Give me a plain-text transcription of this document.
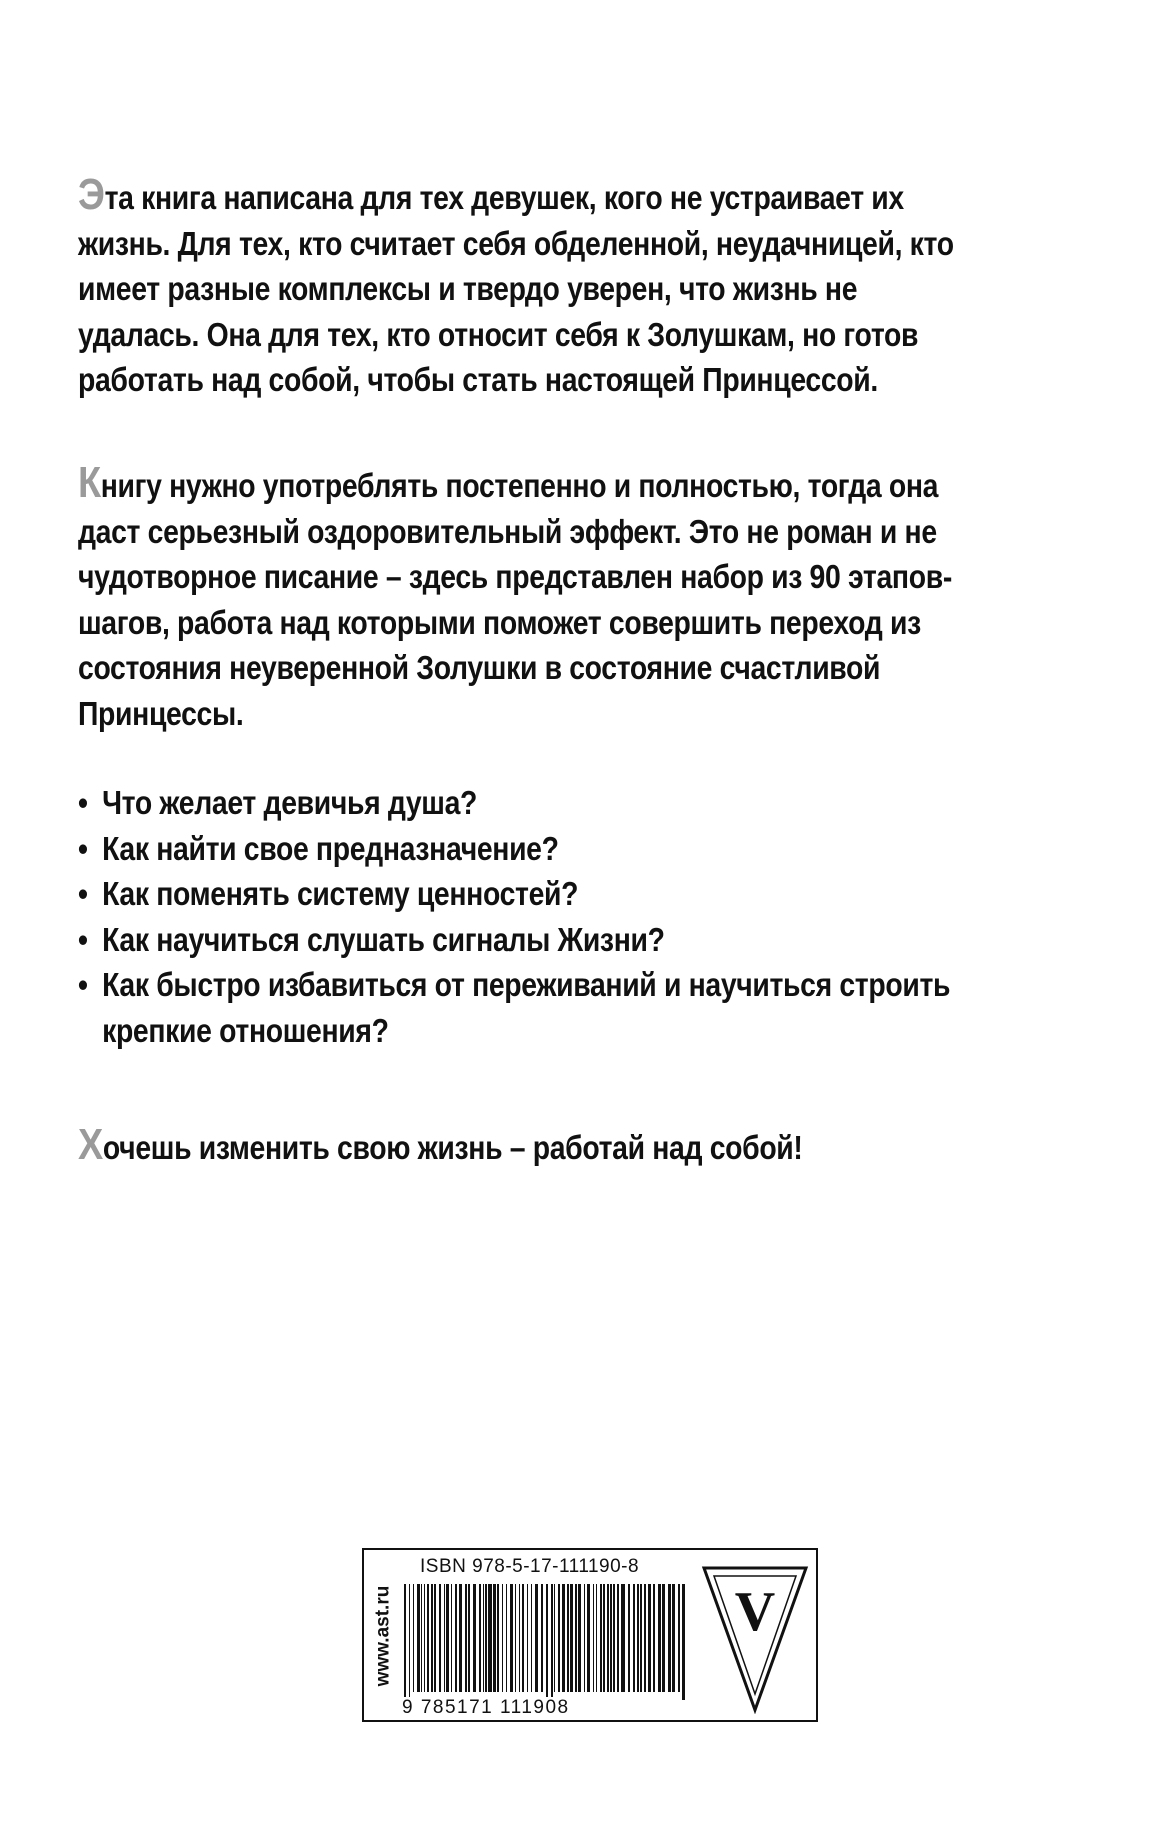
Эта книга написана для тех девушек, кого не устраивает их
жизнь. Для тех, кто считает себя обделенной, неудачницей, кто
имеет разные комплексы и твердо уверен, что жизнь не
удалась. Она для тех, кто относит себя к Золушкам, но готов
работать над собой, чтобы стать настоящей Принцессой.
Книгу нужно употреблять постепенно и полностью, тогда она
даст серьезный оздоровительный эффект. Это не роман и не
чудотворное писание – здесь представлен набор из 90 этапов-
шагов, работа над которыми поможет совершить переход из
состояния неуверенной Золушки в состояние счастливой
Принцессы.
• Что желает девичья душа?
• Как найти свое предназначение?
• Как поменять систему ценностей?
• Как научиться слушать сигналы Жизни?
• Как быстро избавиться от переживаний и научиться строить
крепкие отношения?
Хочешь изменить свою жизнь – работай над собой!
www.ast.ru
ISBN 978-5-17-111190-8
9 785171 111908
V
